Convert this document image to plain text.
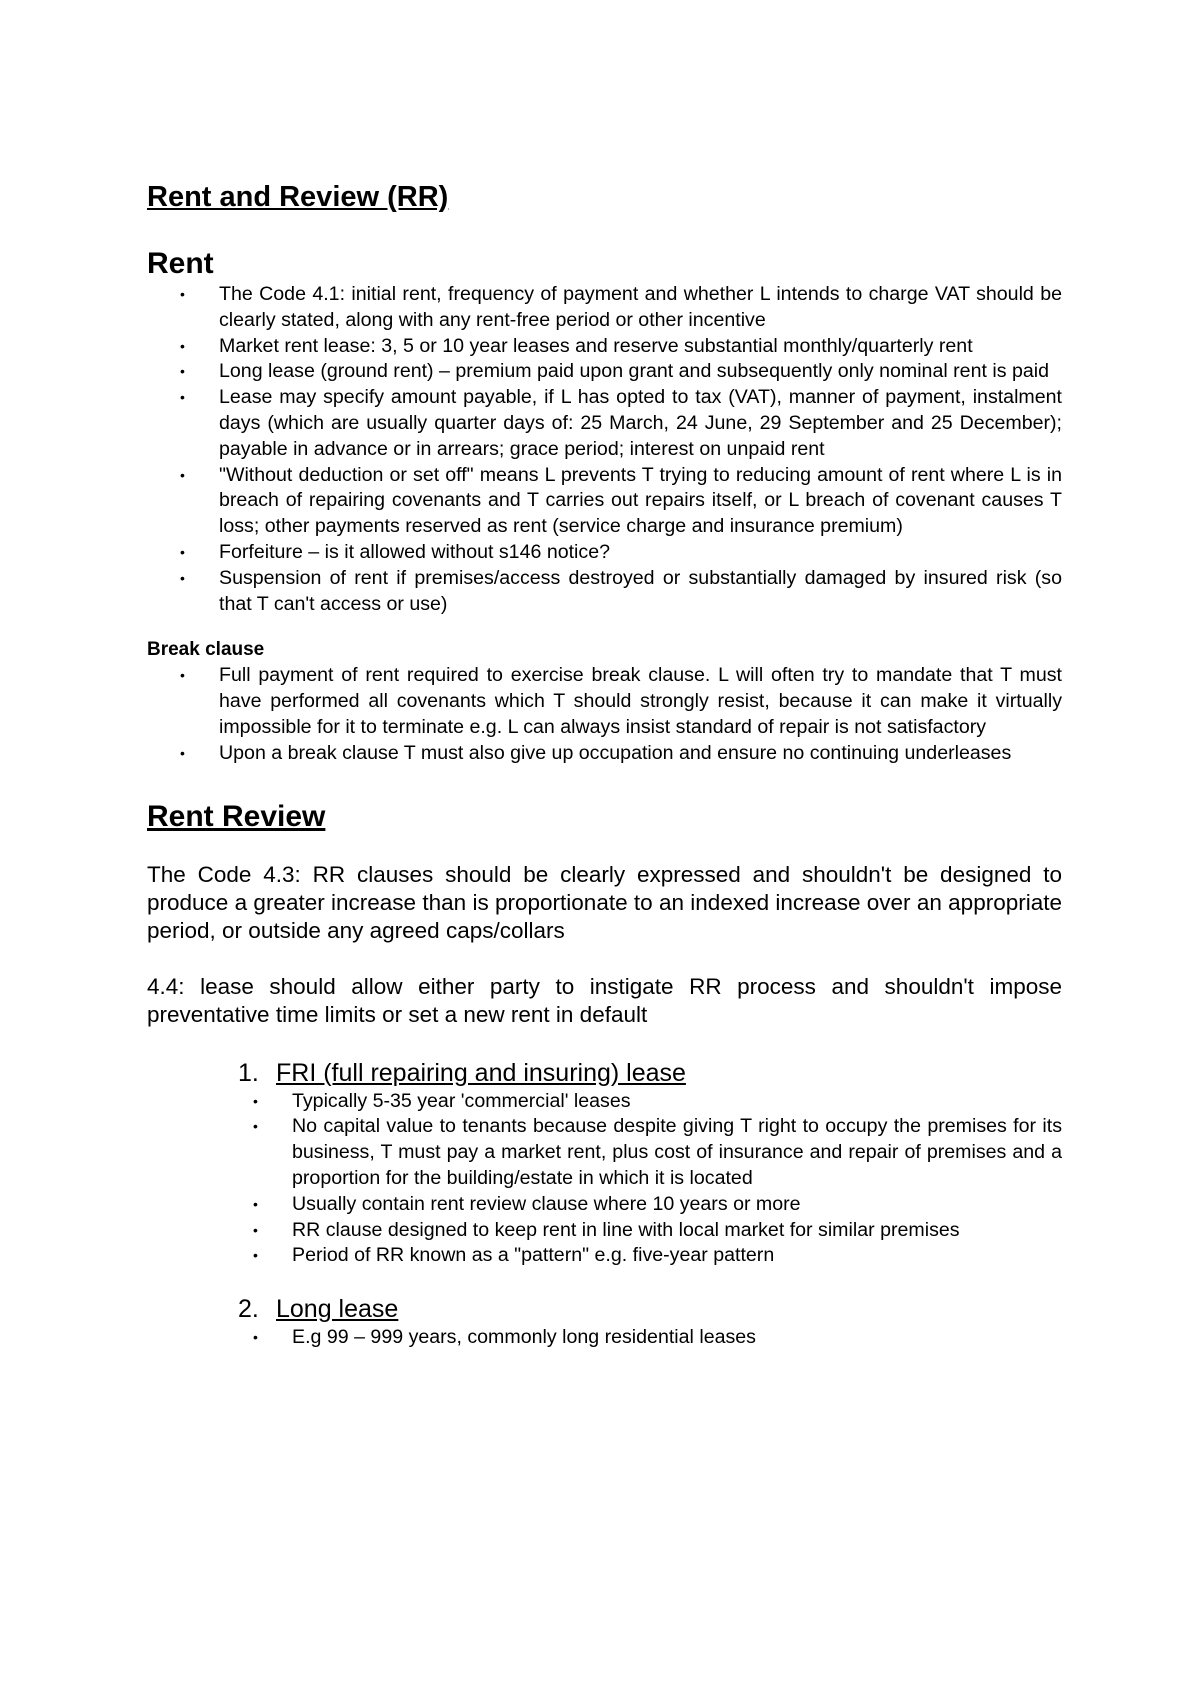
Rent and Review (RR)
Rent
• The Code 4.1: initial rent, frequency of payment and whether L intends to charge VAT should be clearly stated, along with any rent-free period or other incentive
• Market rent lease: 3, 5 or 10 year leases and reserve substantial monthly/quarterly rent
• Long lease (ground rent) – premium paid upon grant and subsequently only nominal rent is paid
• Lease may specify amount payable, if L has opted to tax (VAT), manner of payment, instalment days (which are usually quarter days of: 25 March, 24 June, 29 September and 25 December); payable in advance or in arrears; grace period; interest on unpaid rent
• "Without deduction or set off" means L prevents T trying to reducing amount of rent where L is in breach of repairing covenants and T carries out repairs itself, or L breach of covenant causes T loss; other payments reserved as rent (service charge and insurance premium)
• Forfeiture – is it allowed without s146 notice?
• Suspension of rent if premises/access destroyed or substantially damaged by insured risk (so that T can't access or use)
Break clause
• Full payment of rent required to exercise break clause. L will often try to mandate that T must have performed all covenants which T should strongly resist, because it can make it virtually impossible for it to terminate e.g. L can always insist standard of repair is not satisfactory
• Upon a break clause T must also give up occupation and ensure no continuing underleases
Rent Review

The Code 4.3: RR clauses should be clearly expressed and shouldn't be designed to produce a greater increase than is proportionate to an indexed increase over an appropriate period, or outside any agreed caps/collars

4.4: lease should allow either party to instigate RR process and shouldn't impose preventative time limits or set a new rent in default

1. FRI (full repairing and insuring) lease
• Typically 5-35 year 'commercial' leases
• No capital value to tenants because despite giving T right to occupy the premises for its business, T must pay a market rent, plus cost of insurance and repair of premises and a proportion for the building/estate in which it is located
• Usually contain rent review clause where 10 years or more
• RR clause designed to keep rent in line with local market for similar premises
• Period of RR known as a "pattern" e.g. five-year pattern
2. Long lease
• E.g 99 – 999 years, commonly long residential leases
